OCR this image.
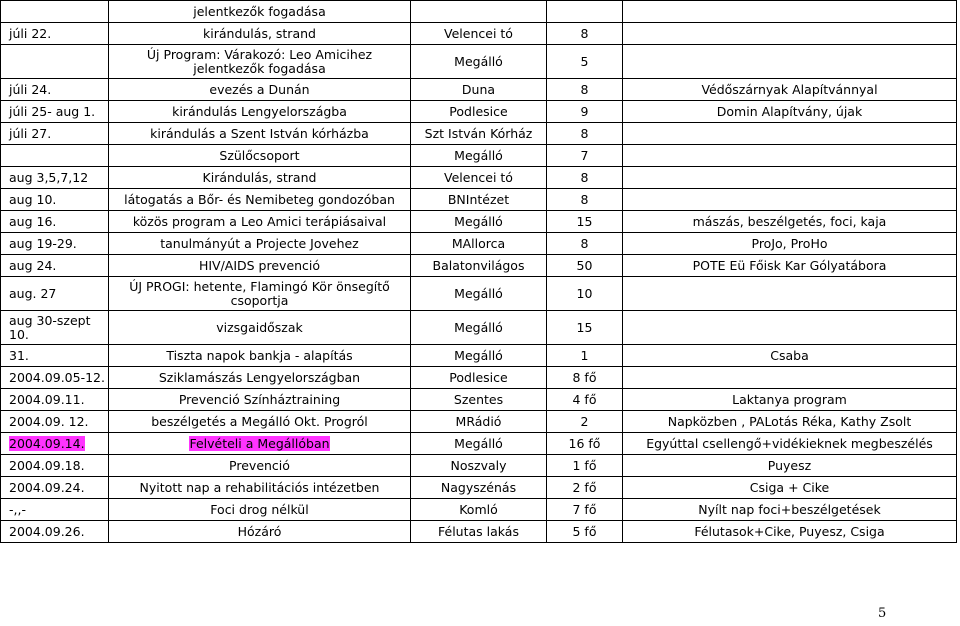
	jelentkezők fogadása			
júli 22.	kirándulás, strand	Velencei tó	8	
	Új Program: Várakozó: Leo Amicihez jelentkezők fogadása	Megálló	5	
júli 24.	evezés a Dunán	Duna	8	Védőszárnyak Alapítvánnyal
júli 25- aug 1.	kirándulás Lengyelországba	Podlesice	9	Domin Alapítvány, újak
júli 27.	kirándulás a Szent István kórházba	Szt István Kórház	8	
	Szülőcsoport	Megálló	7	
aug 3,5,7,12	Kirándulás, strand	Velencei tó	8	
aug 10.	látogatás a Bőr- és Nemibeteg gondozóban	BNIntézet	8	
aug 16.	közös program a Leo Amici terápiásaival	Megálló	15	mászás, beszélgetés, foci, kaja
aug 19-29.	tanulmányút a Projecte Jovehez	MAllorca	8	ProJo, ProHo
aug 24.	HIV/AIDS prevenció	Balatonvilágos	50	POTE Eü Főisk Kar Gólyatábora
aug. 27	ÚJ PROGI: hetente, Flamingó Kör önsegítő csoportja	Megálló	10	
aug 30-szept 10.	vizsgaidőszak	Megálló	15	
31.	Tiszta napok bankja - alapítás	Megálló	1	Csaba
2004.09.05-12.	Sziklamászás Lengyelországban	Podlesice	8 fő	
2004.09.11.	Prevenció Színháztraining	Szentes	4 fő	Laktanya program
2004.09. 12.	beszélgetés a Megálló Okt. Progról	MRádió	2	Napközben , PALotás Réka, Kathy Zsolt
2004.09.14.	Felvételi a Megállóban	Megálló	16 fő	Egyúttal csellengő+vidékieknek megbeszélés
2004.09.18.	Prevenció	Noszvaly	1 fő	Puyesz
2004.09.24.	Nyitott nap a rehabilitációs intézetben	Nagyszénás	2 fő	Csiga + Cike
-,,-	Foci drog nélkül	Komló	7 fő	Nyílt nap foci+beszélgetések
2004.09.26.	Hózáró	Félutas lakás	5 fő	Félutasok+Cike, Puyesz, Csiga
5
